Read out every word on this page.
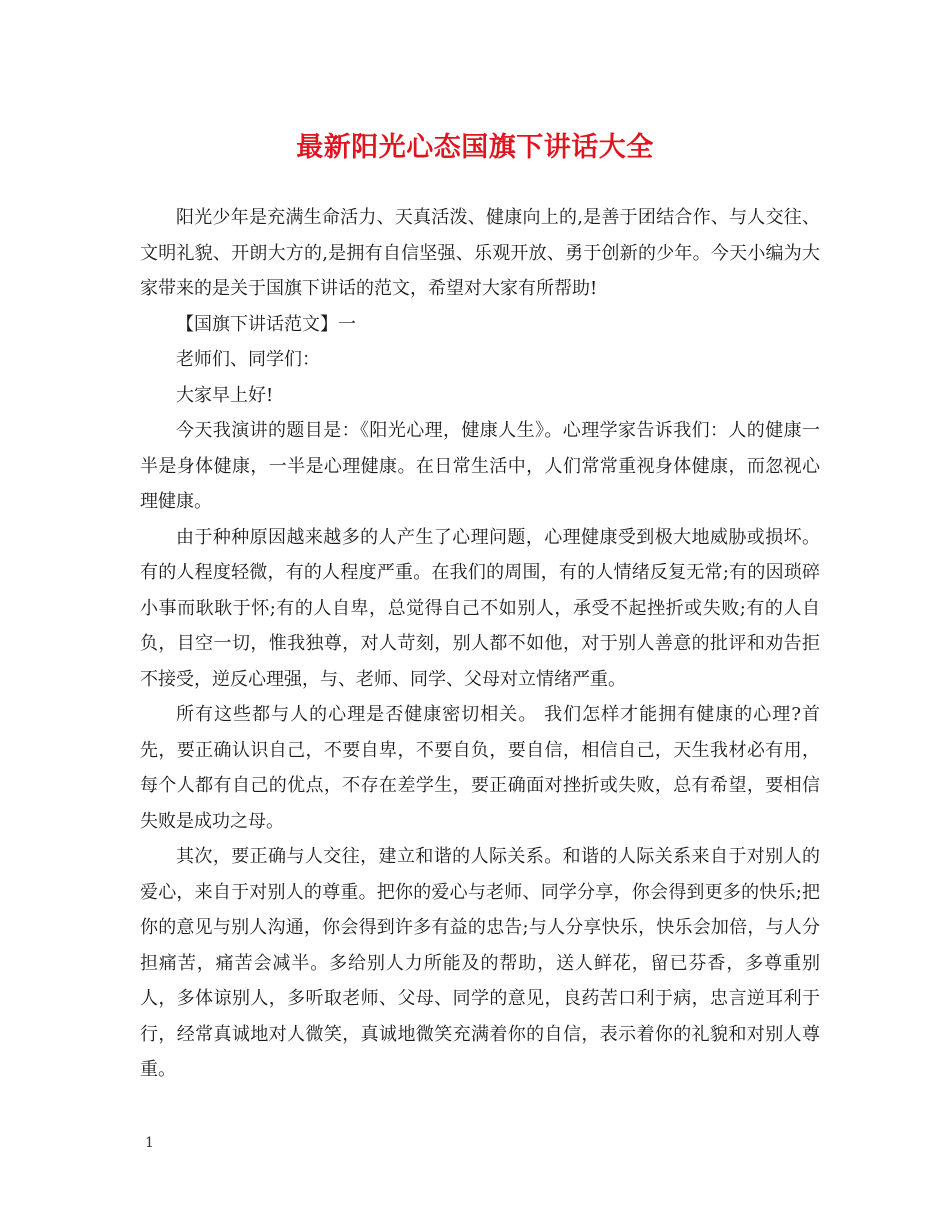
最新阳光心态国旗下讲话大全

阳光少年是充满生命活力、天真活泼、健康向上的,是善于团结合作、与人交往、文明礼貌、开朗大方的,是拥有自信坚强、乐观开放、勇于创新的少年。今天小编为大家带来的是关于国旗下讲话的范文，希望对大家有所帮助!

【国旗下讲话范文】一

老师们、同学们：

大家早上好!

今天我演讲的题目是：《阳光心理，健康人生》。心理学家告诉我们：人的健康一半是身体健康，一半是心理健康。在日常生活中，人们常常重视身体健康，而忽视心理健康。

由于种种原因越来越多的人产生了心理问题，心理健康受到极大地威胁或损坏。有的人程度轻微，有的人程度严重。在我们的周围，有的人情绪反复无常;有的因琐碎小事而耿耿于怀;有的人自卑，总觉得自己不如别人，承受不起挫折或失败;有的人自负，目空一切，惟我独尊，对人苛刻，别人都不如他，对于别人善意的批评和劝告拒不接受，逆反心理强，与、老师、同学、父母对立情绪严重。

所有这些都与人的心理是否健康密切相关。 我们怎样才能拥有健康的心理?首先，要正确认识自己，不要自卑，不要自负，要自信，相信自己，天生我材必有用，每个人都有自己的优点，不存在差学生，要正确面对挫折或失败，总有希望，要相信失败是成功之母。

其次，要正确与人交往，建立和谐的人际关系。和谐的人际关系来自于对别人的爱心，来自于对别人的尊重。把你的爱心与老师、同学分享，你会得到更多的快乐;把你的意见与别人沟通，你会得到许多有益的忠告;与人分享快乐，快乐会加倍，与人分担痛苦，痛苦会减半。多给别人力所能及的帮助，送人鲜花，留已芬香，多尊重别人，多体谅别人，多听取老师、父母、同学的意见，良药苦口利于病，忠言逆耳利于行，经常真诚地对人微笑，真诚地微笑充满着你的自信，表示着你的礼貌和对别人尊重。

1
